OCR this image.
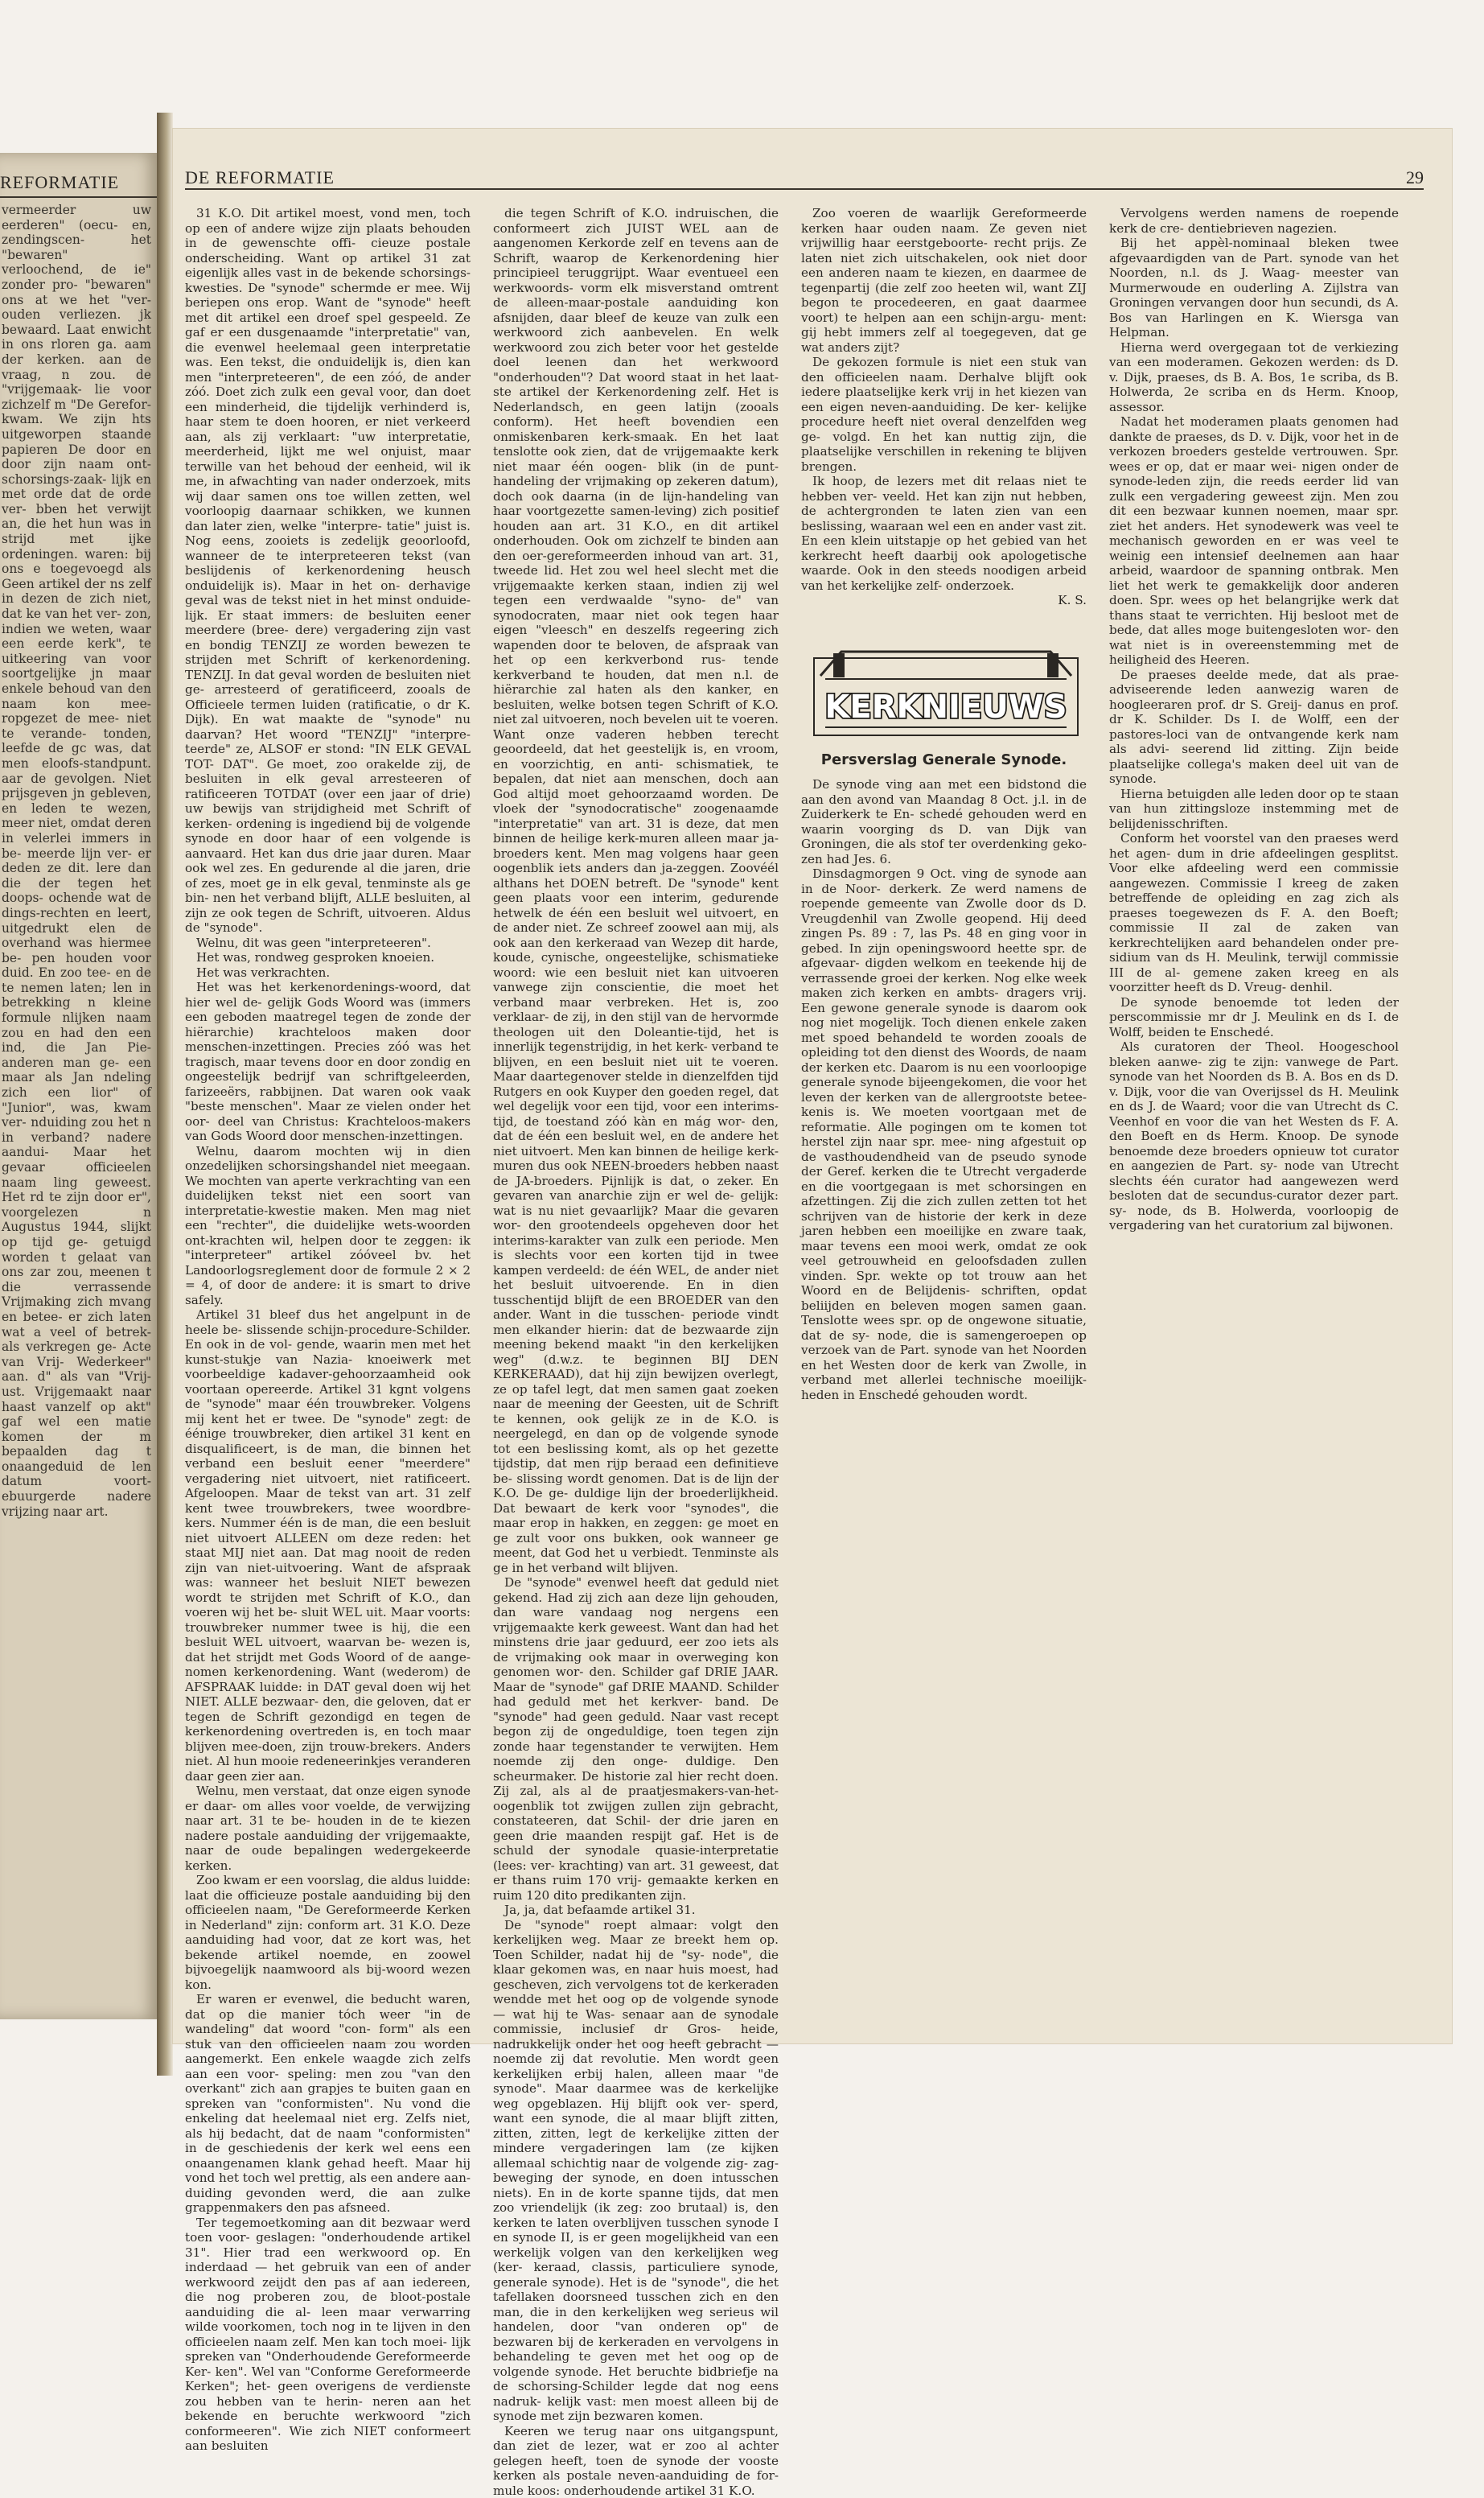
REFORMATIE

vermeerder uw eerderen" (oecu- en, zendingscen- het "bewaren" verloochend, de ie" zonder pro- "bewaren" ons at we het "ver- ouden verliezen. jk bewaard. Laat enwicht in ons rloren ga. aam der kerken. aan de vraag, n zou. de "vrijgemaak- lie voor zichzelf m "De Gerefor- kwam. We zijn hts uitgeworpen staande papieren De door en door zijn naam ont- schorsings-zaak- lijk en met orde dat de orde ver- bben het verwijt an, die het hun was in strijd met ijke ordeningen. waren: bij ons e toegevoegd als Geen artikel der ns zelf in dezen de zich niet, dat ke van het ver- zon, indien we weten, waar een eerde kerk", te uitkeering van voor soortgelijke jn maar enkele behoud van den naam kon mee- ropgezet de mee- niet te verande- tonden, leefde de gc was, dat men eloofs-standpunt. aar de gevolgen. Niet prijsgeven jn gebleven, en leden te wezen, meer niet, omdat deren in velerlei immers in be- meerde lijn ver- er deden ze dit. lere dan die der tegen het doops- ochende wat de dings-rechten en leert, uitgedrukt elen de overhand was hiermee be- pen houden voor duid. En zoo tee- en de te nemen laten; len in betrekking n kleine formule nlijken naam zou en had den een ind, die Jan Pie- anderen man ge- een maar als Jan ndeling zich een lior" of "Junior", was, kwam ver- nduiding zou het n in verband? nadere aandui- Maar het gevaar officieelen naam ling geweest. Het rd te zijn door er", voorgelezen n Augustus 1944, slijkt op tijd ge- getuigd worden t gelaat van ons zar zou, meenen t die verrassende Vrijmaking zich mvang en betee- er zich laten wat a veel of betrek- als verkregen ge- Acte van Vrij- Wederkeer" aan. d" als van "Vrij- ust. Vrijgemaakt naar haast vanzelf op akt" gaf wel een matie komen der m bepaalden dag t onaangeduid de len datum voort- ebuurgerde nadere vrijzing naar art.

DE REFORMATIE	29

31 K.O. Dit artikel moest, vond men, toch op een of andere wijze zijn plaats behouden in de gewenschte offi- cieuze postale onderscheiding. Want op artikel 31 zat eigenlijk alles vast in de bekende schorsings-kwesties. De "synode" schermde er mee. Wij beriepen ons erop. Want de "synode" heeft met dit artikel een droef spel gespeeld. Ze gaf er een dusgenaamde "interpretatie" van, die evenwel heelemaal geen interpretatie was. Een tekst, die onduidelijk is, dien kan men "interpreteeren", de een zóó, de ander zóó. Doet zich zulk een geval voor, dan doet een minderheid, die tijdelijk verhinderd is, haar stem te doen hooren, er niet verkeerd aan, als zij verklaart: "uw interpretatie, meerderheid, lijkt me wel onjuist, maar terwille van het behoud der eenheid, wil ik me, in afwachting van nader onderzoek, mits wij daar samen ons toe willen zetten, wel voorloopig daarnaar schikken, we kunnen dan later zien, welke "interpre- tatie" juist is. Nog eens, zooiets is zedelijk geoorloofd, wanneer de te interpreteeren tekst (van beslijdenis of kerkenordening heusch onduidelijk is). Maar in het on- derhavige geval was de tekst niet in het minst onduide- lijk. Er staat immers: de besluiten eener meerdere (bree- dere) vergadering zijn vast en bondig TENZIJ ze worden bewezen te strijden met Schrift of kerkenordening. TENZIJ. In dat geval worden de besluiten niet ge- arresteerd of geratificeerd, zooals de Officieele termen luiden (ratificatie, o dr K. Dijk). En wat maakte de "synode" nu daarvan? Het woord "TENZIJ" "interpre- teerde" ze, ALSOF er stond: "IN ELK GEVAL TOT- DAT". Ge moet, zoo orakelde zij, de besluiten in elk geval arresteeren of ratificeeren TOTDAT (over een jaar of drie) uw bewijs van strijdigheid met Schrift of kerken- ordening is ingediend bij de volgende synode en door haar of een volgende is aanvaard. Het kan dus drie jaar duren. Maar ook wel zes. En gedurende al die jaren, drie of zes, moet ge in elk geval, tenminste als ge bin- nen het verband blijft, ALLE besluiten, al zijn ze ook tegen de Schrift, uitvoeren. Aldus de "synode".

Welnu, dit was geen "interpreteeren".

Het was, rondweg gesproken knoeien.

Het was verkrachten.

Het was het kerkenordenings-woord, dat hier wel de- gelijk Gods Woord was (immers een geboden maatregel tegen de zonde der hiërarchie) krachteloos maken door menschen-inzettingen. Precies zóó was het tragisch, maar tevens door en door zondig en ongeestelijk bedrijf van schriftgeleerden, farizeeërs, rabbijnen. Dat waren ook vaak "beste menschen". Maar ze vielen onder het oor- deel van Christus: Krachteloos-makers van Gods Woord door menschen-inzettingen.

Welnu, daarom mochten wij in dien onzedelijken schorsingshandel niet meegaan. We mochten van aperte verkrachting van een duidelijken tekst niet een soort van interpretatie-kwestie maken. Men mag niet een "rechter", die duidelijke wets-woorden ont-krachten wil, helpen door te zeggen: ik "interpreteer" artikel zóóveel bv. het Landoorlogsreglement door de formule 2 × 2 = 4, of door de andere: it is smart to drive safely.

Artikel 31 bleef dus het angelpunt in de heele be- slissende schijn-procedure-Schilder. En ook in de vol- gende, waarin men met het kunst-stukje van Nazia- knoeiwerk met voorbeeldige kadaver-gehoorzaamheid ook voortaan opereerde. Artikel 31 kgnt volgens de "synode" maar één trouwbreker. Volgens mij kent het er twee. De "synode" zegt: de éénige trouwbreker, dien artikel 31 kent en disqualificeert, is de man, die binnen het verband een besluit eener "meerdere" vergadering niet uitvoert, niet ratificeert. Afgeloopen. Maar de tekst van art. 31 zelf kent twee trouwbrekers, twee woordbre- kers. Nummer één is de man, die een besluit niet uitvoert ALLEEN om deze reden: het staat MIJ niet aan. Dat mag nooit de reden zijn van niet-uitvoering. Want de afspraak was: wanneer het besluit NIET bewezen wordt te strijden met Schrift of K.O., dan voeren wij het be- sluit WEL uit. Maar voorts: trouwbreker nummer twee is hij, die een besluit WEL uitvoert, waarvan be- wezen is, dat het strijdt met Gods Woord of de aange- nomen kerkenordening. Want (wederom) de AFSPRAAK luidde: in DAT geval doen wij het NIET. ALLE bezwaar- den, die geloven, dat er tegen de Schrift gezondigd en tegen de kerkenordening overtreden is, en toch maar blijven mee-doen, zijn trouw-brekers. Anders niet. Al hun mooie redeneerinkjes veranderen daar geen zier aan.

Welnu, men verstaat, dat onze eigen synode er daar- om alles voor voelde, de verwijzing naar art. 31 te be- houden in de te kiezen nadere postale aanduiding der vrijgemaakte, naar de oude bepalingen wedergekeerde kerken.

Zoo kwam er een voorslag, die aldus luidde: laat die officieuze postale aanduiding bij den officieelen naam, "De Gereformeerde Kerken in Nederland" zijn: conform art. 31 K.O. Deze aanduiding had voor, dat ze kort was, het bekende artikel noemde, en zoowel bijvoegelijk naamwoord als bij-woord wezen kon.

Er waren er evenwel, die beducht waren, dat op die manier tóch weer "in de wandeling" dat woord "con- form" als een stuk van den officieelen naam zou worden aangemerkt. Een enkele waagde zich zelfs aan een voor- speling: men zou "van den overkant" zich aan grapjes te buiten gaan en spreken van "conformisten". Nu vond die enkeling dat heelemaal niet erg. Zelfs niet, als hij bedacht, dat de naam "conformisten" in de geschiedenis der kerk wel eens een onaangenamen klank gehad heeft. Maar hij vond het toch wel prettig, als een andere aan- duiding gevonden werd, die aan zulke grappenmakers den pas afsneed.

Ter tegemoetkoming aan dit bezwaar werd toen voor- geslagen: "onderhoudende artikel 31". Hier trad een werkwoord op. En inderdaad — het gebruik van een of ander werkwoord zeijdt den pas af aan iedereen, die nog proberen zou, de bloot-postale aanduiding die al- leen maar verwarring wilde voorkomen, toch nog in te lijven in den officieelen naam zelf. Men kan toch moei- lijk spreken van "Onderhoudende Gereformeerde Ker- ken". Wel van "Conforme Gereformeerde Kerken"; het- geen overigens de verdienste zou hebben van te herin- neren aan het bekende en beruchte werkwoord "zich conformeeren". Wie zich NIET conformeert aan besluiten

die tegen Schrift of K.O. indruischen, die conformeert zich JUIST WEL aan de aangenomen Kerkorde zelf en tevens aan de Schrift, waarop de Kerkenordening hier principieel teruggrijpt. Waar eventueel een werkwoords- vorm elk misverstand omtrent de alleen-maar-postale aanduiding kon afsnijden, daar bleef de keuze van zulk een werkwoord zich aanbevelen. En welk werkwoord zou zich beter voor het gestelde doel leenen dan het werkwoord "onderhouden"? Dat woord staat in het laat- ste artikel der Kerkenordening zelf. Het is Nederlandsch, en geen latijn (zooals conform). Het heeft bovendien een onmiskenbaren kerk-smaak. En het laat tenslotte ook zien, dat de vrijgemaakte kerk niet maar één oogen- blik (in de punt-handeling der vrijmaking op zekeren datum), doch ook daarna (in de lijn-handeling van haar voortgezette samen-leving) zich positief houden aan art. 31 K.O., en dit artikel onderhouden. Ook om zichzelf te binden aan den oer-gereformeerden inhoud van art. 31, tweede lid. Het zou wel heel slecht met die vrijgemaakte kerken staan, indien zij wel tegen een verdwaalde "syno- de" van synodocraten, maar niet ook tegen haar eigen "vleesch" en deszelfs regeering zich wapenden door te beloven, de afspraak van het op een kerkverbond rus- tende kerkverband te houden, dat men n.l. de hiërarchie zal haten als den kanker, en besluiten, welke botsen tegen Schrift of K.O. niet zal uitvoeren, noch bevelen uit te voeren. Want onze vaderen hebben terecht geoordeeld, dat het geestelijk is, en vroom, en voorzichtig, en anti- schismatiek, te bepalen, dat niet aan menschen, doch aan God altijd moet gehoorzaamd worden. De vloek der "synodocratische" zoogenaamde "interpretatie" van art. 31 is deze, dat men binnen de heilige kerk-muren alleen maar ja-broeders kent. Men mag volgens haar geen oogenblik iets anders dan ja-zeggen. Zoovéél althans het DOEN betreft. De "synode" kent geen plaats voor een interim, gedurende hetwelk de één een besluit wel uitvoert, en de ander niet. Ze schreef zoowel aan mij, als ook aan den kerkeraad van Wezep dit harde, koude, cynische, ongeestelijke, schismatieke woord: wie een besluit niet kan uitvoeren vanwege zijn conscientie, die moet het verband maar verbreken. Het is, zoo verklaar- de zij, in den stijl van de hervormde theologen uit den Doleantie-tijd, het is innerlijk tegenstrijdig, in het kerk- verband te blijven, en een besluit niet uit te voeren. Maar daartegenover stelde in dienzelfden tijd Rutgers en ook Kuyper den goeden regel, dat wel degelijk voor een tijd, voor een interims-tijd, de toestand zóó kàn en mág wor- den, dat de één een besluit wel, en de andere het niet uitvoert. Men kan binnen de heilige kerk-muren dus ook NEEN-broeders hebben naast de JA-broeders. Pijnlijk is dat, o zeker. En gevaren van anarchie zijn er wel de- gelijk: wat is nu niet gevaarlijk? Maar die gevaren wor- den grootendeels opgeheven door het interims-karakter van zulk een periode. Men is slechts voor een korten tijd in twee kampen verdeeld: de één WEL, de ander niet het besluit uitvoerende. En in dien tusschentijd blijft de een BROEDER van den ander. Want in die tusschen- periode vindt men elkander hierin: dat de bezwaarde zijn meening bekend maakt "in den kerkelijken weg" (d.w.z. te beginnen BIJ DEN KERKERAAD), dat hij zijn bewijzen overlegt, ze op tafel legt, dat men samen gaat zoeken naar de meening der Geesten, uit de Schrift te kennen, ook gelijk ze in de K.O. is neergelegd, en dan op de volgende synode tot een beslissing komt, als op het gezette tijdstip, dat men rijp beraad een definitieve be- slissing wordt genomen. Dat is de lijn der K.O. De ge- duldige lijn der broederlijkheid. Dat bewaart de kerk voor "synodes", die maar erop in hakken, en zeggen: ge moet en ge zult voor ons bukken, ook wanneer ge meent, dat God het u verbiedt. Tenminste als ge in het verband wilt blijven.

De "synode" evenwel heeft dat geduld niet gekend. Had zij zich aan deze lijn gehouden, dan ware vandaag nog nergens een vrijgemaakte kerk geweest. Want dan had het minstens drie jaar geduurd, eer zoo iets als de vrijmaking ook maar in overweging kon genomen wor- den. Schilder gaf DRIE JAAR. Maar de "synode" gaf DRIE MAAND. Schilder had geduld met het kerkver- band. De "synode" had geen geduld. Naar vast recept begon zij de ongeduldige, toen tegen zijn zonde haar tegenstander te verwijten. Hem noemde zij den onge- duldige. Den scheurmaker. De historie zal hier recht doen. Zij zal, als al de praatjesmakers-van-het-oogenblik tot zwijgen zullen zijn gebracht, constateeren, dat Schil- der drie jaren en geen drie maanden respijt gaf. Het is de schuld der synodale quasie-interpretatie (lees: ver- krachting) van art. 31 geweest, dat er thans ruim 170 vrij- gemaakte kerken en ruim 120 dito predikanten zijn.

Ja, ja, dat befaamde artikel 31.

De "synode" roept almaar: volgt den kerkelijken weg. Maar ze breekt hem op. Toen Schilder, nadat hij de "sy- node", die klaar gekomen was, en naar huis moest, had gescheven, zich vervolgens tot de kerkeraden wendde met het oog op de volgende synode — wat hij te Was- senaar aan de synodale commissie, inclusief dr Gros- heide, nadrukkelijk onder het oog heeft gebracht — noemde zij dat revolutie. Men wordt geen kerkelijken erbij halen, alleen maar "de synode". Maar daarmee was de kerkelijke weg opgeblazen. Hij blijft ook ver- sperd, want een synode, die al maar blijft zitten, zitten, zitten, legt de kerkelijke zitten der mindere vergaderingen lam (ze kijken allemaal schichtig naar de volgende zig- zag-beweging der synode, en doen intusschen niets). En in de korte spanne tijds, dat men zoo vriendelijk (ik zeg: zoo brutaal) is, den kerken te laten overblijven tusschen synode I en synode II, is er geen mogelijkheid van een werkelijk volgen van den kerkelijken weg (ker- keraad, classis, particuliere synode, generale synode). Het is de "synode", die het tafellaken doorsneed tusschen zich en den man, die in den kerkelijken weg serieus wil handelen, door "van onderen op" de bezwaren bij de kerkeraden en vervolgens in behandeling te geven met het oog op de volgende synode. Het beruchte bidbriefje na de schorsing-Schilder legde dat nog eens nadruk- kelijk vast: men moest alleen bij de synode met zijn bezwaren komen.

Keeren we terug naar ons uitgangspunt, dan ziet de lezer, wat er zoo al achter gelegen heeft, toen de synode der vooste kerken als postale neven-aanduiding de for- mule koos: onderhoudende artikel 31 K.O.

Zoo voeren de waarlijk Gereformeerde kerken haar ouden naam. Ze geven niet vrijwillig haar eerstgeboorte- recht prijs. Ze laten niet zich uitschakelen, ook niet door een anderen naam te kiezen, en daarmee de tegenpartij (die zelf zoo heeten wil, want ZIJ begon te procedeeren, en gaat daarmee voort) te helpen aan een schijn-argu- ment: gij hebt immers zelf al toegegeven, dat ge wat anders zijt?

De gekozen formule is niet een stuk van den officieelen naam. Derhalve blijft ook iedere plaatselijke kerk vrij in het kiezen van een eigen neven-aanduiding. De ker- kelijke procedure heeft niet overal denzelfden weg ge- volgd. En het kan nuttig zijn, die plaatselijke verschillen in rekening te blijven brengen.

Ik hoop, de lezers met dit relaas niet te hebben ver- veeld. Het kan zijn nut hebben, de achtergronden te laten zien van een beslissing, waaraan wel een en ander vast zit. En een klein uitstapje op het gebied van het kerkrecht heeft daarbij ook apologetische waarde. Ook in den steeds noodigen arbeid van het kerkelijke zelf- onderzoek.

K. S.

KERKNIEUWS

Persverslag Generale Synode.

De synode ving aan met een bidstond die aan den avond van Maandag 8 Oct. j.l. in de Zuiderkerk te En- schedé gehouden werd en waarin voorging ds D. van Dijk van Groningen, die als stof ter overdenking geko- zen had Jes. 6.

Dinsdagmorgen 9 Oct. ving de synode aan in de Noor- derkerk. Ze werd namens de roepende gemeente van Zwolle door ds D. Vreugdenhil van Zwolle geopend. Hij deed zingen Ps. 89 : 7, las Ps. 48 en ging voor in gebed. In zijn openingswoord heette spr. de afgevaar- digden welkom en teekende hij de verrassende groei der kerken. Nog elke week maken zich kerken en ambts- dragers vrij. Een gewone generale synode is daarom ook nog niet mogelijk. Toch dienen enkele zaken met spoed behandeld te worden zooals de opleiding tot den dienst des Woords, de naam der kerken etc. Daarom is nu een voorloopige generale synode bijeengekomen, die voor het leven der kerken van de allergrootste betee- kenis is. We moeten voortgaan met de reformatie. Alle pogingen om te komen tot herstel zijn naar spr. mee- ning afgestuit op de vasthoudendheid van de pseudo synode der Geref. kerken die te Utrecht vergaderde en die voortgegaan is met schorsingen en afzettingen. Zij die zich zullen zetten tot het schrijven van de historie der kerk in deze jaren hebben een moeilijke en zware taak, maar tevens een mooi werk, omdat ze ook veel getrouwheid en geloofsdaden zullen vinden. Spr. wekte op tot trouw aan het Woord en de Belijdenis- schriften, opdat beliijden en beleven mogen samen gaan. Tenslotte wees spr. op de ongewone situatie, dat de sy- node, die is samengeroepen op verzoek van de Part. synode van het Noorden en het Westen door de kerk van Zwolle, in verband met allerlei technische moeilijk- heden in Enschedé gehouden wordt.

Vervolgens werden namens de roepende kerk de cre- dentiebrieven nagezien.

Bij het appèl-nominaal bleken twee afgevaardigden van de Part. synode van het Noorden, n.l. ds J. Waag- meester van Murmerwoude en ouderling A. Zijlstra van Groningen vervangen door hun secundi, ds A. Bos van Harlingen en K. Wiersga van Helpman.

Hierna werd overgegaan tot de verkiezing van een moderamen. Gekozen werden: ds D. v. Dijk, praeses, ds B. A. Bos, 1e scriba, ds B. Holwerda, 2e scriba en ds Herm. Knoop, assessor.

Nadat het moderamen plaats genomen had dankte de praeses, ds D. v. Dijk, voor het in de verkozen broeders gestelde vertrouwen. Spr. wees er op, dat er maar wei- nigen onder de synode-leden zijn, die reeds eerder lid van zulk een vergadering geweest zijn. Men zou dit een bezwaar kunnen noemen, maar spr. ziet het anders. Het synodewerk was veel te mechanisch geworden en er was veel te weinig een intensief deelnemen aan haar arbeid, waardoor de spanning ontbrak. Men liet het werk te gemakkelijk door anderen doen. Spr. wees op het belangrijke werk dat thans staat te verrichten. Hij besloot met de bede, dat alles moge buitengesloten wor- den wat niet is in overeenstemming met de heiligheid des Heeren.

De praeses deelde mede, dat als prae-adviseerende leden aanwezig waren de hoogleeraren prof. dr S. Greij- danus en prof. dr K. Schilder. Ds I. de Wolff, een der pastores-loci van de ontvangende kerk nam als advi- seerend lid zitting. Zijn beide plaatselijke collega's maken deel uit van de synode.

Hierna betuigden alle leden door op te staan van hun zittingsloze instemming met de belijdenisschriften.

Conform het voorstel van den praeses werd het agen- dum in drie afdeelingen gesplitst. Voor elke afdeeling werd een commissie aangewezen. Commissie I kreeg de zaken betreffende de opleiding en zag zich als praeses toegewezen ds F. A. den Boeft; commissie II zal de zaken van kerkrechtelijken aard behandelen onder pre- sidium van ds H. Meulink, terwijl commissie III de al- gemene zaken kreeg en als voorzitter heeft ds D. Vreug- denhil.

De synode benoemde tot leden der perscommissie mr dr J. Meulink en ds I. de Wolff, beiden te Enschedé.

Als curatoren der Theol. Hoogeschool bleken aanwe- zig te zijn: vanwege de Part. synode van het Noorden ds B. A. Bos en ds D. v. Dijk, voor die van Overijssel ds H. Meulink en ds J. de Waard; voor die van Utrecht ds C. Veenhof en voor die van het Westen ds F. A. den Boeft en ds Herm. Knoop. De synode benoemde deze broeders opnieuw tot curator en aangezien de Part. sy- node van Utrecht slechts één curator had aangewezen werd besloten dat de secundus-curator dezer part. sy- node, ds B. Holwerda, voorloopig de vergadering van het curatorium zal bijwonen.
